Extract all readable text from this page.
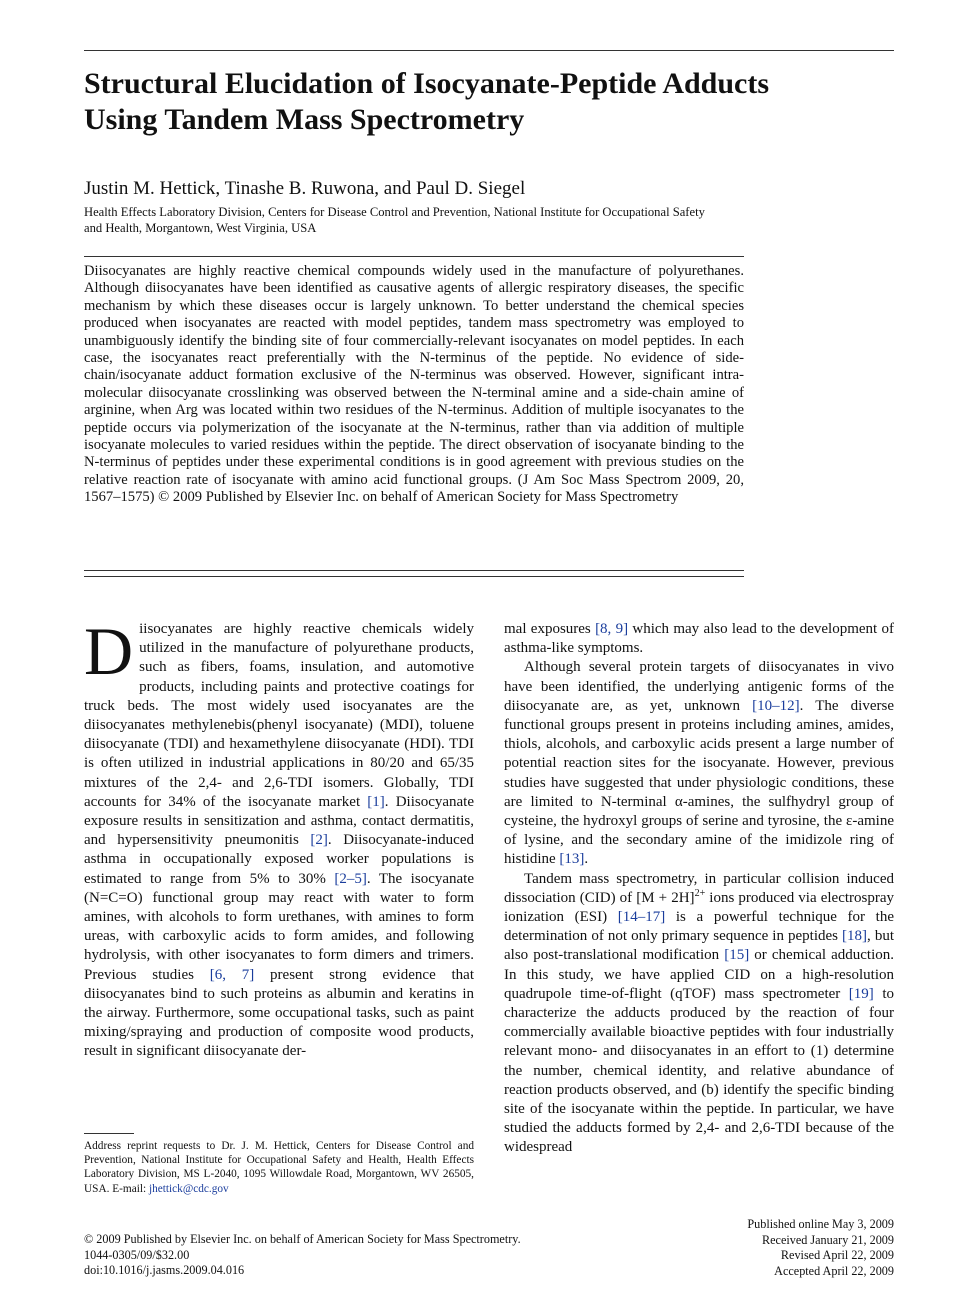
Structural Elucidation of Isocyanate-Peptide Adducts Using Tandem Mass Spectrometry

Justin M. Hettick, Tinashe B. Ruwona, and Paul D. Siegel

Health Effects Laboratory Division, Centers for Disease Control and Prevention, National Institute for Occupational Safety and Health, Morgantown, West Virginia, USA

Diisocyanates are highly reactive chemical compounds widely used in the manufacture of polyurethanes. Although diisocyanates have been identified as causative agents of allergic respiratory diseases, the specific mechanism by which these diseases occur is largely unknown. To better understand the chemical species produced when isocyanates are reacted with model peptides, tandem mass spectrometry was employed to unambiguously identify the binding site of four commercially-relevant isocyanates on model peptides. In each case, the isocyanates react preferentially with the N-terminus of the peptide. No evidence of side-chain/isocyanate adduct formation exclusive of the N-terminus was observed. However, significant intra-molecular diisocyanate crosslinking was observed between the N-terminal amine and a side-chain amine of arginine, when Arg was located within two residues of the N-terminus. Addition of multiple isocyanates to the peptide occurs via polymerization of the isocyanate at the N-terminus, rather than via addition of multiple isocyanate molecules to varied residues within the peptide. The direct observation of isocyanate binding to the N-terminus of peptides under these experimental conditions is in good agreement with previous studies on the relative reaction rate of isocyanate with amino acid functional groups. (J Am Soc Mass Spectrom 2009, 20, 1567–1575) © 2009 Published by Elsevier Inc. on behalf of American Society for Mass Spectrometry

Diisocyanates are highly reactive chemicals widely utilized in the manufacture of polyurethane products, such as fibers, foams, insulation, and automotive products, including paints and protective coatings for truck beds. The most widely used isocyanates are the diisocyanates methylenebis(phenyl isocyanate) (MDI), toluene diisocyanate (TDI) and hexamethylene diisocyanate (HDI). TDI is often utilized in industrial applications in 80/20 and 65/35 mixtures of the 2,4- and 2,6-TDI isomers. Globally, TDI accounts for 34% of the isocyanate market [1]. Diisocyanate exposure results in sensitization and asthma, contact dermatitis, and hypersensitivity pneumonitis [2]. Diisocyanate-induced asthma in occupationally exposed worker populations is estimated to range from 5% to 30% [2–5]. The isocyanate (N=C=O) functional group may react with water to form amines, with alcohols to form urethanes, with amines to form ureas, with carboxylic acids to form amides, and following hydrolysis, with other isocyanates to form dimers and trimers. Previous studies [6, 7] present strong evidence that diisocyanates bind to such proteins as albumin and keratins in the airway. Furthermore, some occupational tasks, such as paint mixing/spraying and production of composite wood products, result in significant diisocyanate der-

mal exposures [8, 9] which may also lead to the development of asthma-like symptoms.

Although several protein targets of diisocyanates in vivo have been identified, the underlying antigenic forms of the diisocyanate are, as yet, unknown [10–12]. The diverse functional groups present in proteins including amines, amides, thiols, alcohols, and carboxylic acids present a large number of potential reaction sites for the isocyanate. However, previous studies have suggested that under physiologic conditions, these are limited to N-terminal α-amines, the sulfhydryl group of cysteine, the hydroxyl groups of serine and tyrosine, the ε-amine of lysine, and the secondary amine of the imidizole ring of histidine [13].

Tandem mass spectrometry, in particular collision induced dissociation (CID) of $[M + 2H]^{2+}$ ions produced via electrospray ionization (ESI) [14–17] is a powerful technique for the determination of not only primary sequence in peptides [18], but also post-translational modification [15] or chemical adduction. In this study, we have applied CID on a high-resolution quadrupole time-of-flight (qTOF) mass spectrometer [19] to characterize the adducts produced by the reaction of four commercially available bioactive peptides with four industrially relevant mono- and diisocyanates in an effort to (1) determine the number, chemical identity, and relative abundance of reaction products observed, and (b) identify the specific binding site of the isocyanate within the peptide. In particular, we have studied the adducts formed by 2,4- and 2,6-TDI because of the widespread

Address reprint requests to Dr. J. M. Hettick, Centers for Disease Control and Prevention, National Institute for Occupational Safety and Health, Health Effects Laboratory Division, MS L-2040, 1095 Willowdale Road, Morgantown, WV 26505, USA. E-mail: jhettick@cdc.gov

© 2009 Published by Elsevier Inc. on behalf of American Society for Mass Spectrometry.
1044-0305/09/$32.00
doi:10.1016/j.jasms.2009.04.016

Published online May 3, 2009
Received January 21, 2009
Revised April 22, 2009
Accepted April 22, 2009
